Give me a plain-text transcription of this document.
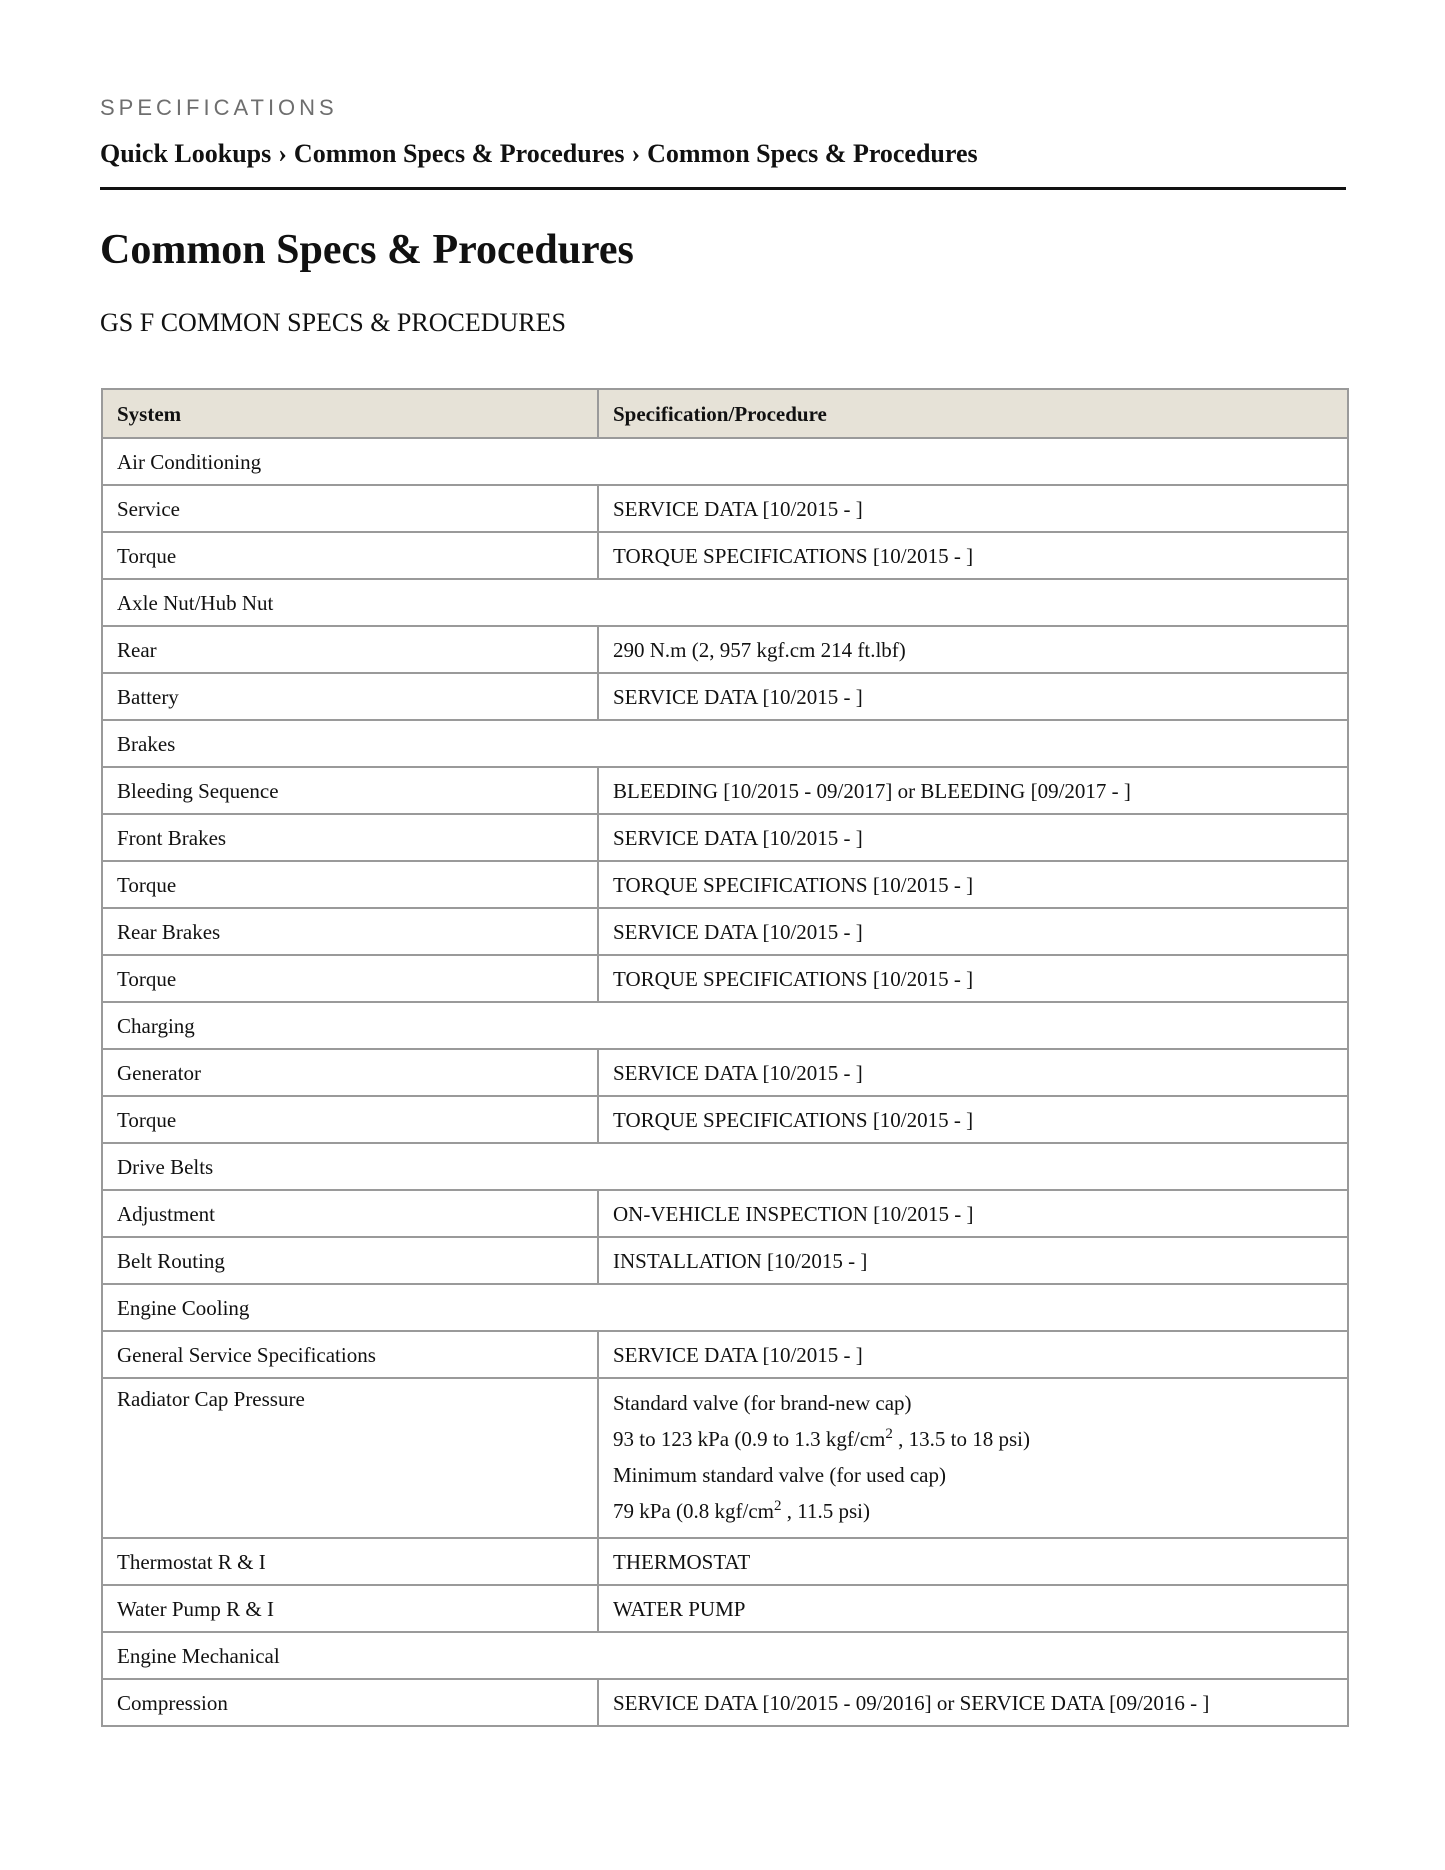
SPECIFICATIONS
Quick Lookups › Common Specs & Procedures › Common Specs & Procedures
Common Specs & Procedures
GS F COMMON SPECS & PROCEDURES
System	Specification/Procedure
Air Conditioning	
Service	SERVICE DATA [10/2015 - ]
Torque	TORQUE SPECIFICATIONS [10/2015 - ]
Axle Nut/Hub Nut	
Rear	290 N.m (2, 957 kgf.cm 214 ft.lbf)
Battery	SERVICE DATA [10/2015 - ]
Brakes	
Bleeding Sequence	BLEEDING [10/2015 - 09/2017] or BLEEDING [09/2017 - ]
Front Brakes	SERVICE DATA [10/2015 - ]
Torque	TORQUE SPECIFICATIONS [10/2015 - ]
Rear Brakes	SERVICE DATA [10/2015 - ]
Torque	TORQUE SPECIFICATIONS [10/2015 - ]
Charging	
Generator	SERVICE DATA [10/2015 - ]
Torque	TORQUE SPECIFICATIONS [10/2015 - ]
Drive Belts	
Adjustment	ON-VEHICLE INSPECTION [10/2015 - ]
Belt Routing	INSTALLATION [10/2015 - ]
Engine Cooling	
General Service Specifications	SERVICE DATA [10/2015 - ]
Radiator Cap Pressure	Standard valve (for brand-new cap)
93 to 123 kPa (0.9 to 1.3 kgf/$cm^2$ , 13.5 to 18 psi)
Minimum standard valve (for used cap)
79 kPa (0.8 kgf/$cm^2$ , 11.5 psi)

Thermostat R & I	THERMOSTAT
Water Pump R & I	WATER PUMP
Engine Mechanical	
Compression	SERVICE DATA [10/2015 - 09/2016] or SERVICE DATA [09/2016 - ]
